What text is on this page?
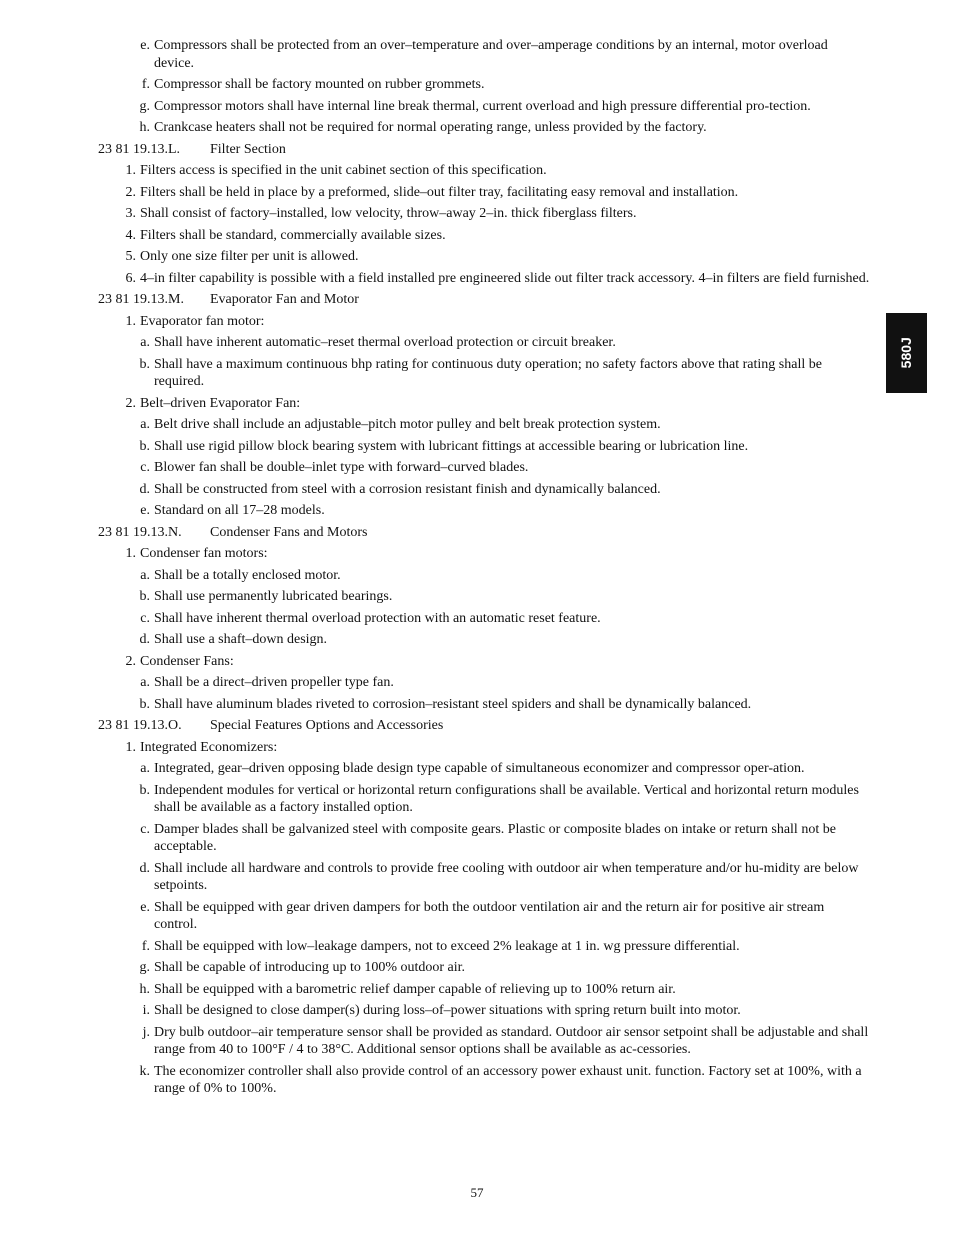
e. Compressors shall be protected from an over–temperature and over–amperage conditions by an internal, motor overload device.
f. Compressor shall be factory mounted on rubber grommets.
g. Compressor motors shall have internal line break thermal, current overload and high pressure differential pro-tection.
h. Crankcase heaters shall not be required for normal operating range, unless provided by the factory.
23 81 19.13.L. Filter Section
1. Filters access is specified in the unit cabinet section of this specification.
2. Filters shall be held in place by a preformed, slide–out filter tray, facilitating easy removal and installation.
3. Shall consist of factory–installed, low velocity, throw–away 2–in. thick fiberglass filters.
4. Filters shall be standard, commercially available sizes.
5. Only one size filter per unit is allowed.
6. 4–in filter capability is possible with a field installed pre engineered slide out filter track accessory. 4–in filters are field furnished.
23 81 19.13.M. Evaporator Fan and Motor
1. Evaporator fan motor:
a. Shall have inherent automatic–reset thermal overload protection or circuit breaker.
b. Shall have a maximum continuous bhp rating for continuous duty operation; no safety factors above that rating shall be required.
2. Belt–driven Evaporator Fan:
a. Belt drive shall include an adjustable–pitch motor pulley and belt break protection system.
b. Shall use rigid pillow block bearing system with lubricant fittings at accessible bearing or lubrication line.
c. Blower fan shall be double–inlet type with forward–curved blades.
d. Shall be constructed from steel with a corrosion resistant finish and dynamically balanced.
e. Standard on all 17–28 models.
23 81 19.13.N. Condenser Fans and Motors
1. Condenser fan motors:
a. Shall be a totally enclosed motor.
b. Shall use permanently lubricated bearings.
c. Shall have inherent thermal overload protection with an automatic reset feature.
d. Shall use a shaft–down design.
2. Condenser Fans:
a. Shall be a direct–driven propeller type fan.
b. Shall have aluminum blades riveted to corrosion–resistant steel spiders and shall be dynamically balanced.
23 81 19.13.O. Special Features Options and Accessories
1. Integrated Economizers:
a. Integrated, gear–driven opposing blade design type capable of simultaneous economizer and compressor oper-ation.
b. Independent modules for vertical or horizontal return configurations shall be available. Vertical and horizontal return modules shall be available as a factory installed option.
c. Damper blades shall be galvanized steel with composite gears. Plastic or composite blades on intake or return shall not be acceptable.
d. Shall include all hardware and controls to provide free cooling with outdoor air when temperature and/or hu-midity are below setpoints.
e. Shall be equipped with gear driven dampers for both the outdoor ventilation air and the return air for positive air stream control.
f. Shall be equipped with low–leakage dampers, not to exceed 2% leakage at 1 in. wg pressure differential.
g. Shall be capable of introducing up to 100% outdoor air.
h. Shall be equipped with a barometric relief damper capable of relieving up to 100% return air.
i. Shall be designed to close damper(s) during loss–of–power situations with spring return built into motor.
j. Dry bulb outdoor–air temperature sensor shall be provided as standard. Outdoor air sensor setpoint shall be adjustable and shall range from 40 to 100°F / 4 to 38°C. Additional sensor options shall be available as ac-cessories.
k. The economizer controller shall also provide control of an accessory power exhaust unit. function. Factory set at 100%, with a range of 0% to 100%.
580J
57
